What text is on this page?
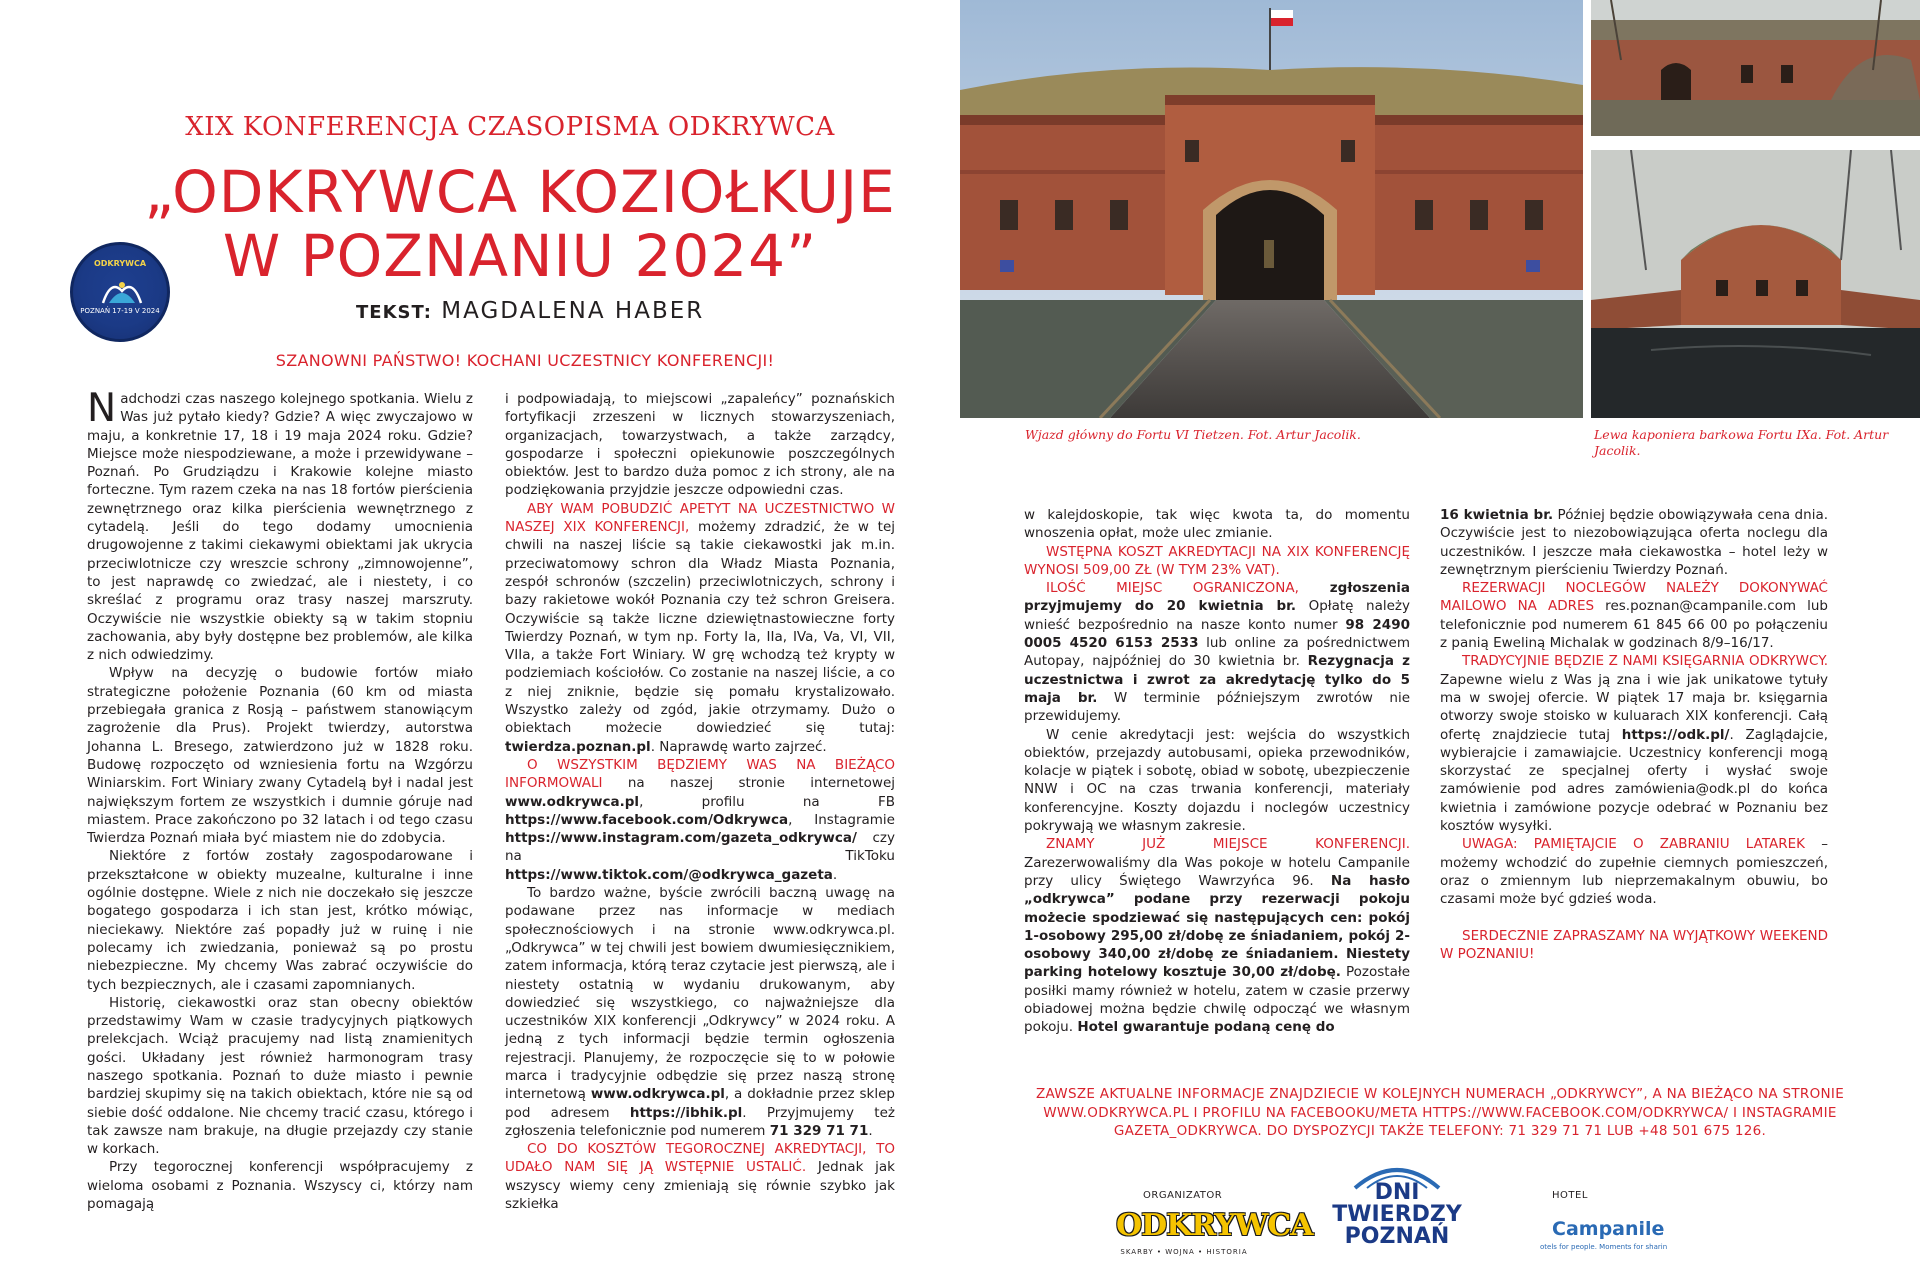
XIX KONFERENCJA CZASOPISMA ODKRYWCA
„ODKRYWCA KOZIOŁKUJE
W POZNANIU 2024”
ODKRYWCA
POZNAŃ 17-19 V 2024	TEKST: MAGDALENA HABER
SZANOWNI PAŃSTWO! KOCHANI UCZESTNICY KONFERENCJI!

Nadchodzi czas naszego kolejnego spotkania. Wielu z Was już pytało kiedy? Gdzie? A więc zwyczajowo w maju, a konkretnie 17, 18 i 19 maja 2024 roku. Gdzie? Miejsce może niespodziewane, a może i przewidywane – Poznań. Po Grudziądzu i Krakowie kolejne miasto forteczne. Tym razem czeka na nas 18 fortów pierścienia zewnętrznego oraz kilka pierścienia wewnętrznego z cytadelą. Jeśli do tego dodamy umocnienia drugowojenne z takimi ciekawymi obiektami jak ukrycia przeciwlotnicze czy wreszcie schrony „zimnowojenne”, to jest naprawdę co zwiedzać, ale i niestety, i co skreślać z programu oraz trasy naszej marszruty. Oczywiście nie wszystkie obiekty są w takim stopniu zachowania, aby były dostępne bez problemów, ale kilka z nich odwiedzimy.

Wpływ na decyzję o budowie fortów miało strategiczne położenie Poznania (60 km od miasta przebiegała granica z Rosją – państwem stanowiącym zagrożenie dla Prus). Projekt twierdzy, autorstwa Johanna L. Bresego, zatwierdzono już w 1828 roku. Budowę rozpoczęto od wzniesienia fortu na Wzgórzu Winiarskim. Fort Winiary zwany Cytadelą był i nadal jest największym fortem ze wszystkich i dumnie góruje nad miastem. Prace zakończono po 32 latach i od tego czasu Twierdza Poznań miała być miastem nie do zdobycia.

Niektóre z fortów zostały zagospodarowane i przekształcone w obiekty muzealne, kulturalne i inne ogólnie dostępne. Wiele z nich nie doczekało się jeszcze bogatego gospodarza i ich stan jest, krótko mówiąc, nieciekawy. Niektóre zaś popadły już w ruinę i nie polecamy ich zwiedzania, ponieważ są po prostu niebezpieczne. My chcemy Was zabrać oczywiście do tych bezpiecznych, ale i czasami zapomnianych.

Historię, ciekawostki oraz stan obecny obiektów przedstawimy Wam w czasie tradycyjnych piątkowych prelekcjach. Wciąż pracujemy nad listą znamienitych gości. Układany jest również harmonogram trasy naszego spotkania. Poznań to duże miasto i pewnie bardziej skupimy się na takich obiektach, które nie są od siebie dość oddalone. Nie chcemy tracić czasu, którego i tak zawsze nam brakuje, na długie przejazdy czy stanie w korkach.

Przy tegorocznej konferencji współpracujemy z wieloma osobami z Poznania. Wszyscy ci, którzy nam pomagają

i podpowiadają, to miejscowi „zapaleńcy” poznańskich fortyfikacji zrzeszeni w licznych stowarzyszeniach, organizacjach, towarzystwach, a także zarządcy, gospodarze i społeczni opiekunowie poszczególnych obiektów. Jest to bardzo duża pomoc z ich strony, ale na podziękowania przyjdzie jeszcze odpowiedni czas.

ABY WAM POBUDZIĆ APETYT NA UCZESTNICTWO W NASZEJ XIX KONFERENCJI, możemy zdradzić, że w tej chwili na naszej liście są takie ciekawostki jak m.in. przeciwatomowy schron dla Władz Miasta Poznania, zespół schronów (szczelin) przeciwlotniczych, schrony i bazy rakietowe wokół Poznania czy też schron Greisera. Oczywiście są także liczne dziewiętnastowieczne forty Twierdzy Poznań, w tym np. Forty Ia, IIa, IVa, Va, VI, VII, VIIa, a także Fort Winiary. W grę wchodzą też krypty w podziemiach kościołów. Co zostanie na naszej liście, a co z niej zniknie, będzie się pomału krystalizowało. Wszystko zależy od zgód, jakie otrzymamy. Dużo o obiektach możecie dowiedzieć się tutaj: twierdza.poznan.pl. Naprawdę warto zajrzeć.

O WSZYSTKIM BĘDZIEMY WAS NA BIEŻĄCO INFORMOWALI na naszej stronie internetowej www.odkrywca.pl, profilu na FB https://www.facebook.com/Odkrywca, Instagramie https://www.instagram.com/gazeta_odkrywca/ czy na TikToku https://www.tiktok.com/@odkrywca_gazeta.

To bardzo ważne, byście zwrócili baczną uwagę na podawane przez nas informacje w mediach społecznościowych i na stronie www.odkrywca.pl. „Odkrywca” w tej chwili jest bowiem dwumiesięcznikiem, zatem informacja, którą teraz czytacie jest pierwszą, ale i niestety ostatnią w wydaniu drukowanym, aby dowiedzieć się wszystkiego, co najważniejsze dla uczestników XIX konferencji „Odkrywcy” w 2024 roku. A jedną z tych informacji będzie termin ogłoszenia rejestracji. Planujemy, że rozpoczęcie się to w połowie marca i tradycyjnie odbędzie się przez naszą stronę internetową www.odkrywca.pl, a dokładnie przez sklep pod adresem https://ibhik.pl. Przyjmujemy też zgłoszenia telefonicznie pod numerem 71 329 71 71.

CO DO KOSZTÓW TEGOROCZNEJ AKREDYTACJI, TO UDAŁO NAM SIĘ JĄ WSTĘPNIE USTALIĆ. Jednak jak wszyscy wiemy ceny zmieniają się równie szybko jak szkiełka

Wjazd główny do Fortu VI Tietzen. Fot. Artur Jacolik.	Lewa kaponiera barkowa Fortu IXa. Fot. Artur Jacolik.

w kalejdoskopie, tak więc kwota ta, do momentu wnoszenia opłat, może ulec zmianie.

WSTĘPNA KOSZT AKREDYTACJI NA XIX KONFERENCJĘ WYNOSI 509,00 ZŁ (W TYM 23% VAT).

ILOŚĆ MIEJSC OGRANICZONA, zgłoszenia przyjmujemy do 20 kwietnia br. Opłatę należy wnieść bezpośrednio na nasze konto numer 98 2490 0005 4520 6153 2533 lub online za pośrednictwem Autopay, najpóźniej do 30 kwietnia br. Rezygnacja z uczestnictwa i zwrot za akredytację tylko do 5 maja br. W terminie późniejszym zwrotów nie przewidujemy.

W cenie akredytacji jest: wejścia do wszystkich obiektów, przejazdy autobusami, opieka przewodników, kolacje w piątek i sobotę, obiad w sobotę, ubezpieczenie NNW i OC na czas trwania konferencji, materiały konferencyjne. Koszty dojazdu i noclegów uczestnicy pokrywają we własnym zakresie.

ZNAMY JUŻ MIEJSCE KONFERENCJI. Zarezerwowaliśmy dla Was pokoje w hotelu Campanile przy ulicy Świętego Wawrzyńca 96. Na hasło „odkrywca” podane przy rezerwacji pokoju możecie spodziewać się następujących cen: pokój 1-osobowy 295,00 zł/dobę ze śniadaniem, pokój 2-osobowy 340,00 zł/dobę ze śniadaniem. Niestety parking hotelowy kosztuje 30,00 zł/dobę. Pozostałe posiłki mamy również w hotelu, zatem w czasie przerwy obiadowej można będzie chwilę odpocząć we własnym pokoju. Hotel gwarantuje podaną cenę do

16 kwietnia br. Później będzie obowiązywała cena dnia. Oczywiście jest to niezobowiązująca oferta noclegu dla uczestników. I jeszcze mała ciekawostka – hotel leży w zewnętrznym pierścieniu Twierdzy Poznań.

REZERWACJI NOCLEGÓW NALEŻY DOKONYWAĆ MAILOWO NA ADRES res.poznan@campanile.com lub telefonicznie pod numerem 61 845 66 00 po połączeniu z panią Eweliną Michalak w godzinach 8/9–16/17.

TRADYCYJNIE BĘDZIE Z NAMI KSIĘGARNIA ODKRYWCY. Zapewne wielu z Was ją zna i wie jak unikatowe tytuły ma w swojej ofercie. W piątek 17 maja br. księgarnia otworzy swoje stoisko w kuluarach XIX konferencji. Całą ofertę znajdziecie tutaj https://odk.pl/. Zaglądajcie, wybierajcie i zamawiajcie. Uczestnicy konferencji mogą skorzystać ze specjalnej oferty i wysłać swoje zamówienie pod adres zamówienia@odk.pl do końca kwietnia i zamówione pozycje odebrać w Poznaniu bez kosztów wysyłki.

UWAGA: PAMIĘTAJCIE O ZABRANIU LATAREK – możemy wchodzić do zupełnie ciemnych pomieszczeń, oraz o zmiennym lub nieprzemakalnym obuwiu, bo czasami może być gdzieś woda.

SERDECZNIE ZAPRASZAMY NA WYJĄTKOWY WEEKEND W POZNANIU!

ZAWSZE AKTUALNE INFORMACJE ZNAJDZIECIE W KOLEJNYCH NUMERACH „ODKRYWCY”, A NA BIEŻĄCO NA STRONIE WWW.ODKRYWCA.PL I PROFILU NA FACEBOOKU/META HTTPS://WWW.FACEBOOK.COM/ODKRYWCA/ I INSTAGRAMIE GAZETA_ODKRYWCA. DO DYSPOZYCJI TAKŻE TELEFONY: 71 329 71 71 LUB +48 501 675 126.
ORGANIZATOR
ODKRYWCA
SKARBY • WOJNA • HISTORIA
DNI
TWIERDZY
POZNAŃ
HOTEL
Campanile
otels for people. Moments for sharin
